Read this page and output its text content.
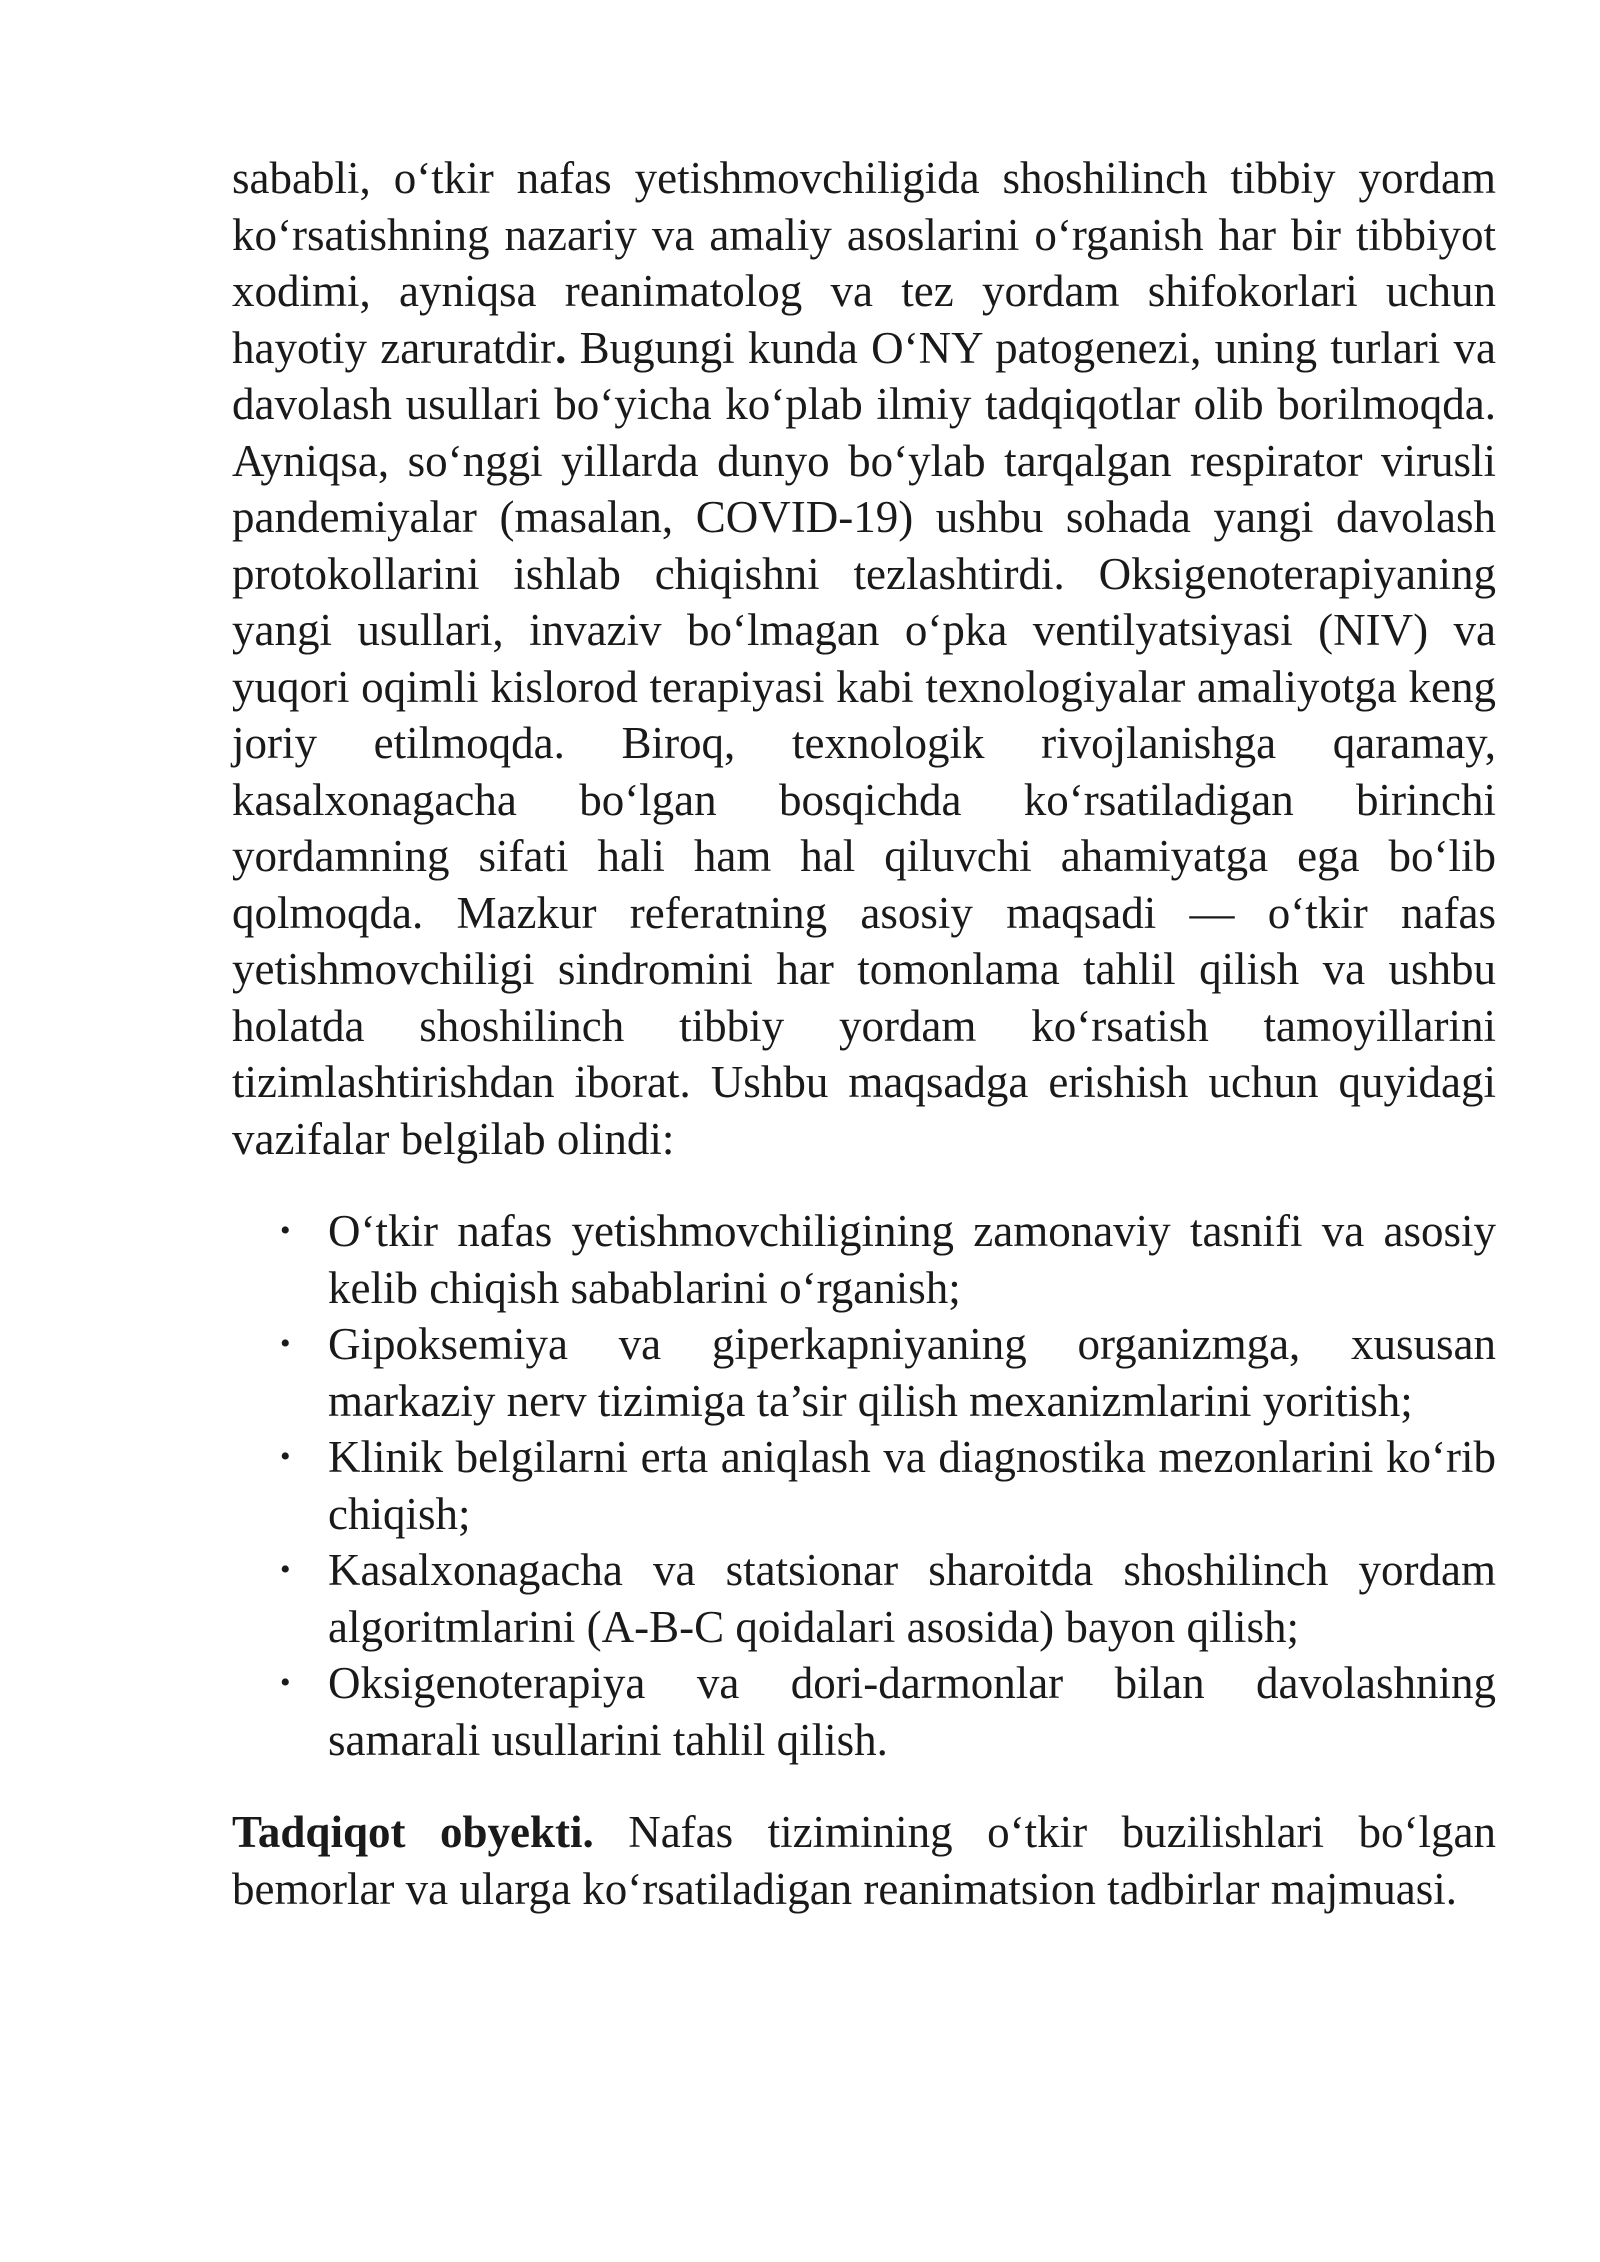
sababli, o‘tkir nafas yetishmovchiligida shoshilinch tibbiy yordam ko‘rsatishning nazariy va amaliy asoslarini o‘rganish har bir tibbiyot xodimi, ayniqsa reanimatolog va tez yordam shifokorlari uchun hayotiy zaruratdir. Bugungi kunda O‘NY patogenezi, uning turlari va davolash usullari bo‘yicha ko‘plab ilmiy tadqiqotlar olib borilmoqda. Ayniqsa, so‘nggi yillarda dunyo bo‘ylab tarqalgan respirator virusli pandemiyalar (masalan, COVID-19) ushbu sohada yangi davolash protokollarini ishlab chiqishni tezlashtirdi. Oksigenoterapiyaning yangi usullari, invaziv bo‘lmagan o‘pka ventilyatsiyasi (NIV) va yuqori oqimli kislorod terapiyasi kabi texnologiyalar amaliyotga keng joriy etilmoqda. Biroq, texnologik rivojlanishga qaramay, kasalxonagacha bo‘lgan bosqichda ko‘rsatiladigan birinchi yordamning sifati hali ham hal qiluvchi ahamiyatga ega bo‘lib qolmoqda. Mazkur referatning asosiy maqsadi — o‘tkir nafas yetishmovchiligi sindromini har tomonlama tahlil qilish va ushbu holatda shoshilinch tibbiy yordam ko‘rsatish tamoyillarini tizimlashtirishdan iborat. Ushbu maqsadga erishish uchun quyidagi vazifalar belgilab olindi:

• O‘tkir nafas yetishmovchiligining zamonaviy tasnifi va asosiy kelib chiqish sabablarini o‘rganish;
• Gipoksemiya va giperkapniyaning organizmga, xususan markaziy nerv tizimiga ta’sir qilish mexanizmlarini yoritish;
• Klinik belgilarni erta aniqlash va diagnostika mezonlarini ko‘rib chiqish;
• Kasalxonagacha va statsionar sharoitda shoshilinch yordam algoritmlarini (A-B-C qoidalari asosida) bayon qilish;
• Oksigenoterapiya va dori-darmonlar bilan davolashning samarali usullarini tahlil qilish.

Tadqiqot obyekti. Nafas tizimining o‘tkir buzilishlari bo‘lgan bemorlar va ularga ko‘rsatiladigan reanimatsion tadbirlar majmuasi.
